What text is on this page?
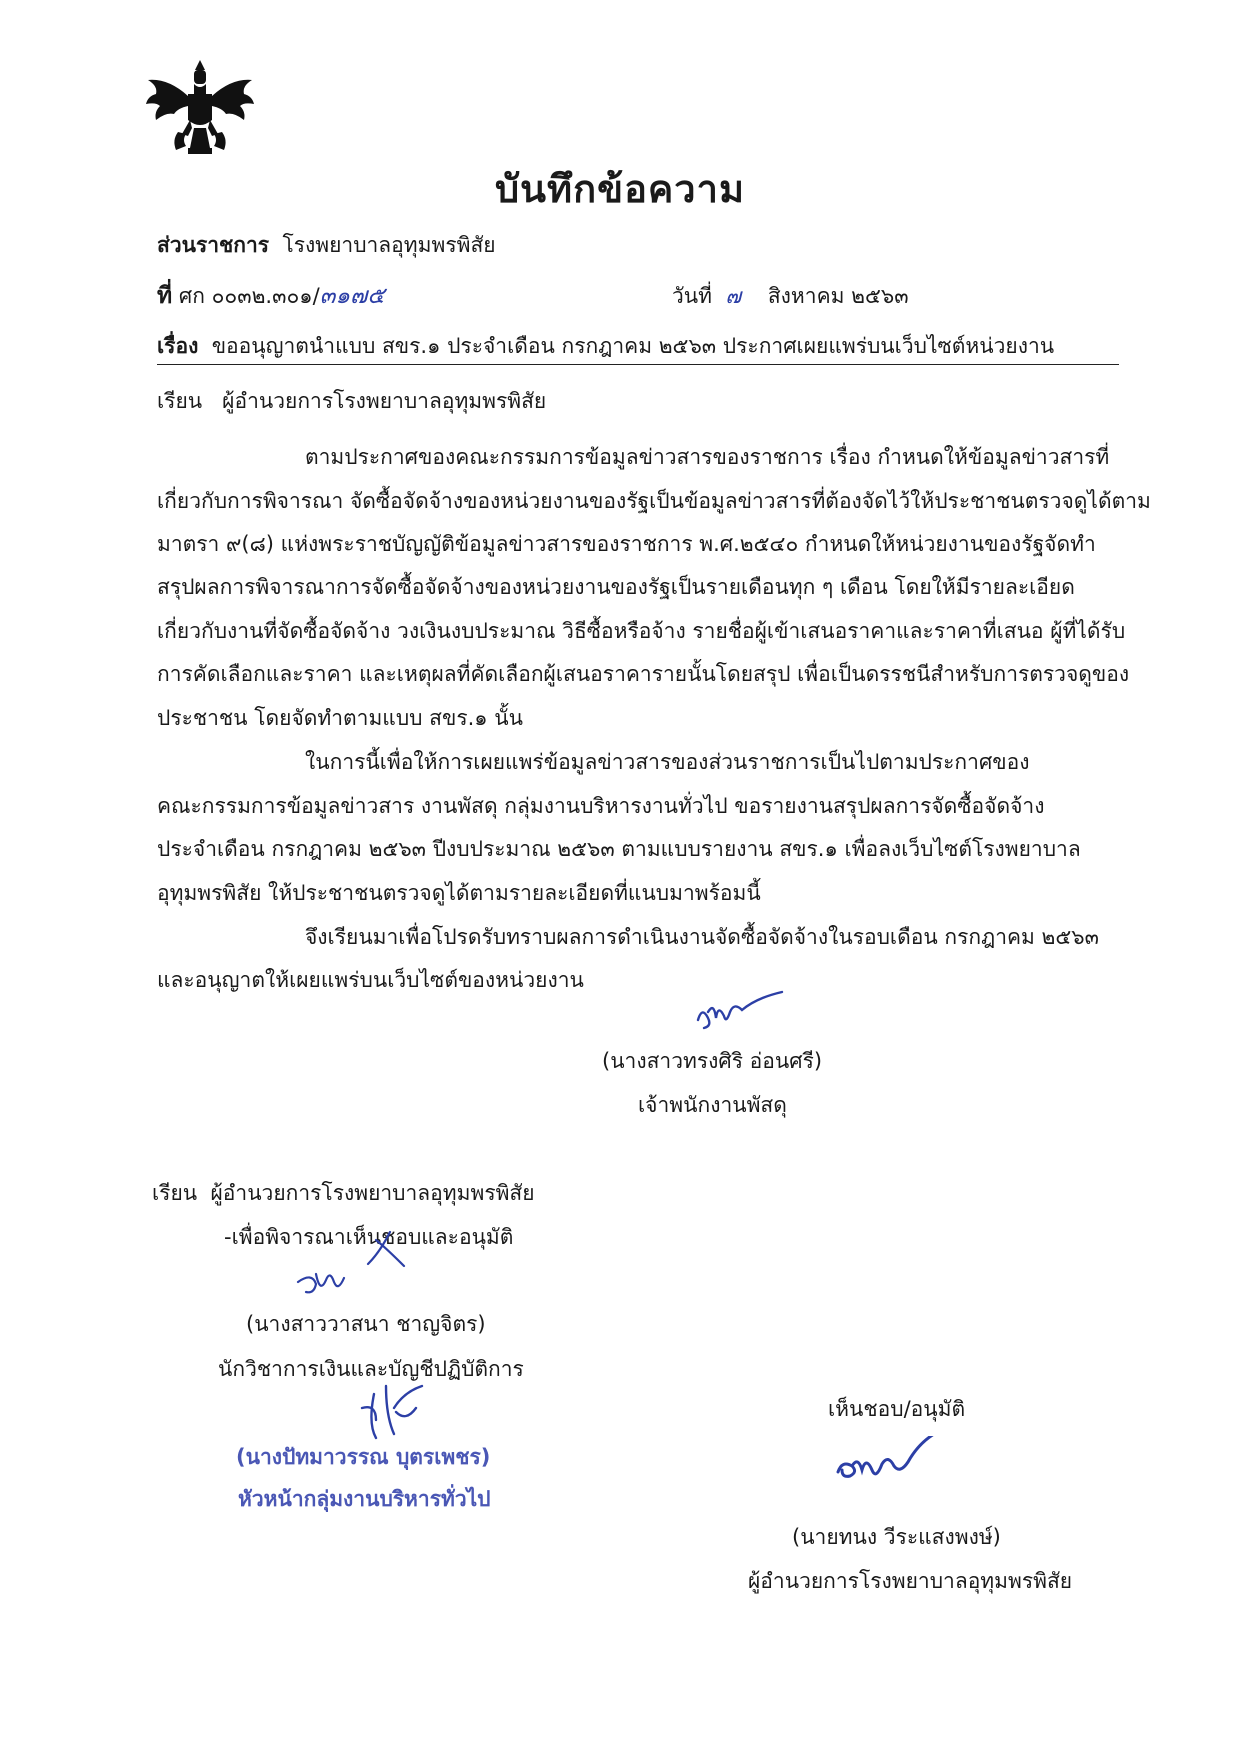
บันทึกข้อความ
ส่วนราชการ โรงพยาบาลอุทุมพรพิสัย
ที่ ศก ๐๐๓๒.๓๐๑/๓๑๗๕	วันที่ ๗ สิงหาคม ๒๕๖๓
เรื่อง ขออนุญาตนำแบบ สขร.๑ ประจำเดือน กรกฎาคม ๒๕๖๓ ประกาศเผยแพร่บนเว็บไซต์หน่วยงาน
เรียน ผู้อำนวยการโรงพยาบาลอุทุมพรพิสัย
ตามประกาศของคณะกรรมการข้อมูลข่าวสารของราชการ เรื่อง กำหนดให้ข้อมูลข่าวสารที่
เกี่ยวกับการพิจารณา จัดซื้อจัดจ้างของหน่วยงานของรัฐเป็นข้อมูลข่าวสารที่ต้องจัดไว้ให้ประชาชนตรวจดูได้ตาม
มาตรา ๙(๘) แห่งพระราชบัญญัติข้อมูลข่าวสารของราชการ พ.ศ.๒๕๔๐ กำหนดให้หน่วยงานของรัฐจัดทำ
สรุปผลการพิจารณาการจัดซื้อจัดจ้างของหน่วยงานของรัฐเป็นรายเดือนทุก ๆ เดือน โดยให้มีรายละเอียด
เกี่ยวกับงานที่จัดซื้อจัดจ้าง วงเงินงบประมาณ วิธีซื้อหรือจ้าง รายชื่อผู้เข้าเสนอราคาและราคาที่เสนอ ผู้ที่ได้รับ
การคัดเลือกและราคา และเหตุผลที่คัดเลือกผู้เสนอราคารายนั้นโดยสรุป เพื่อเป็นดรรชนีสำหรับการตรวจดูของ
ประชาชน โดยจัดทำตามแบบ สขร.๑ นั้น
ในการนี้เพื่อให้การเผยแพร่ข้อมูลข่าวสารของส่วนราชการเป็นไปตามประกาศของ
คณะกรรมการข้อมูลข่าวสาร งานพัสดุ กลุ่มงานบริหารงานทั่วไป ขอรายงานสรุปผลการจัดซื้อจัดจ้าง
ประจำเดือน กรกฎาคม ๒๕๖๓ ปีงบประมาณ ๒๕๖๓ ตามแบบรายงาน สขร.๑ เพื่อลงเว็บไซต์โรงพยาบาล
อุทุมพรพิสัย ให้ประชาชนตรวจดูได้ตามรายละเอียดที่แนบมาพร้อมนี้
จึงเรียนมาเพื่อโปรดรับทราบผลการดำเนินงานจัดซื้อจัดจ้างในรอบเดือน กรกฎาคม ๒๕๖๓
และอนุญาตให้เผยแพร่บนเว็บไซต์ของหน่วยงาน
(นางสาวทรงศิริ อ่อนศรี)
เจ้าพนักงานพัสดุ
เรียน ผู้อำนวยการโรงพยาบาลอุทุมพรพิสัย
-เพื่อพิจารณาเห็นชอบและอนุมัติ
(นางสาววาสนา ชาญจิตร)
นักวิชาการเงินและบัญชีปฏิบัติการ
(นางปัทมาวรรณ บุตรเพชร)
หัวหน้ากลุ่มงานบริหารทั่วไป
เห็นชอบ/อนุมัติ
(นายทนง วีระแสงพงษ์)
ผู้อำนวยการโรงพยาบาลอุทุมพรพิสัย
